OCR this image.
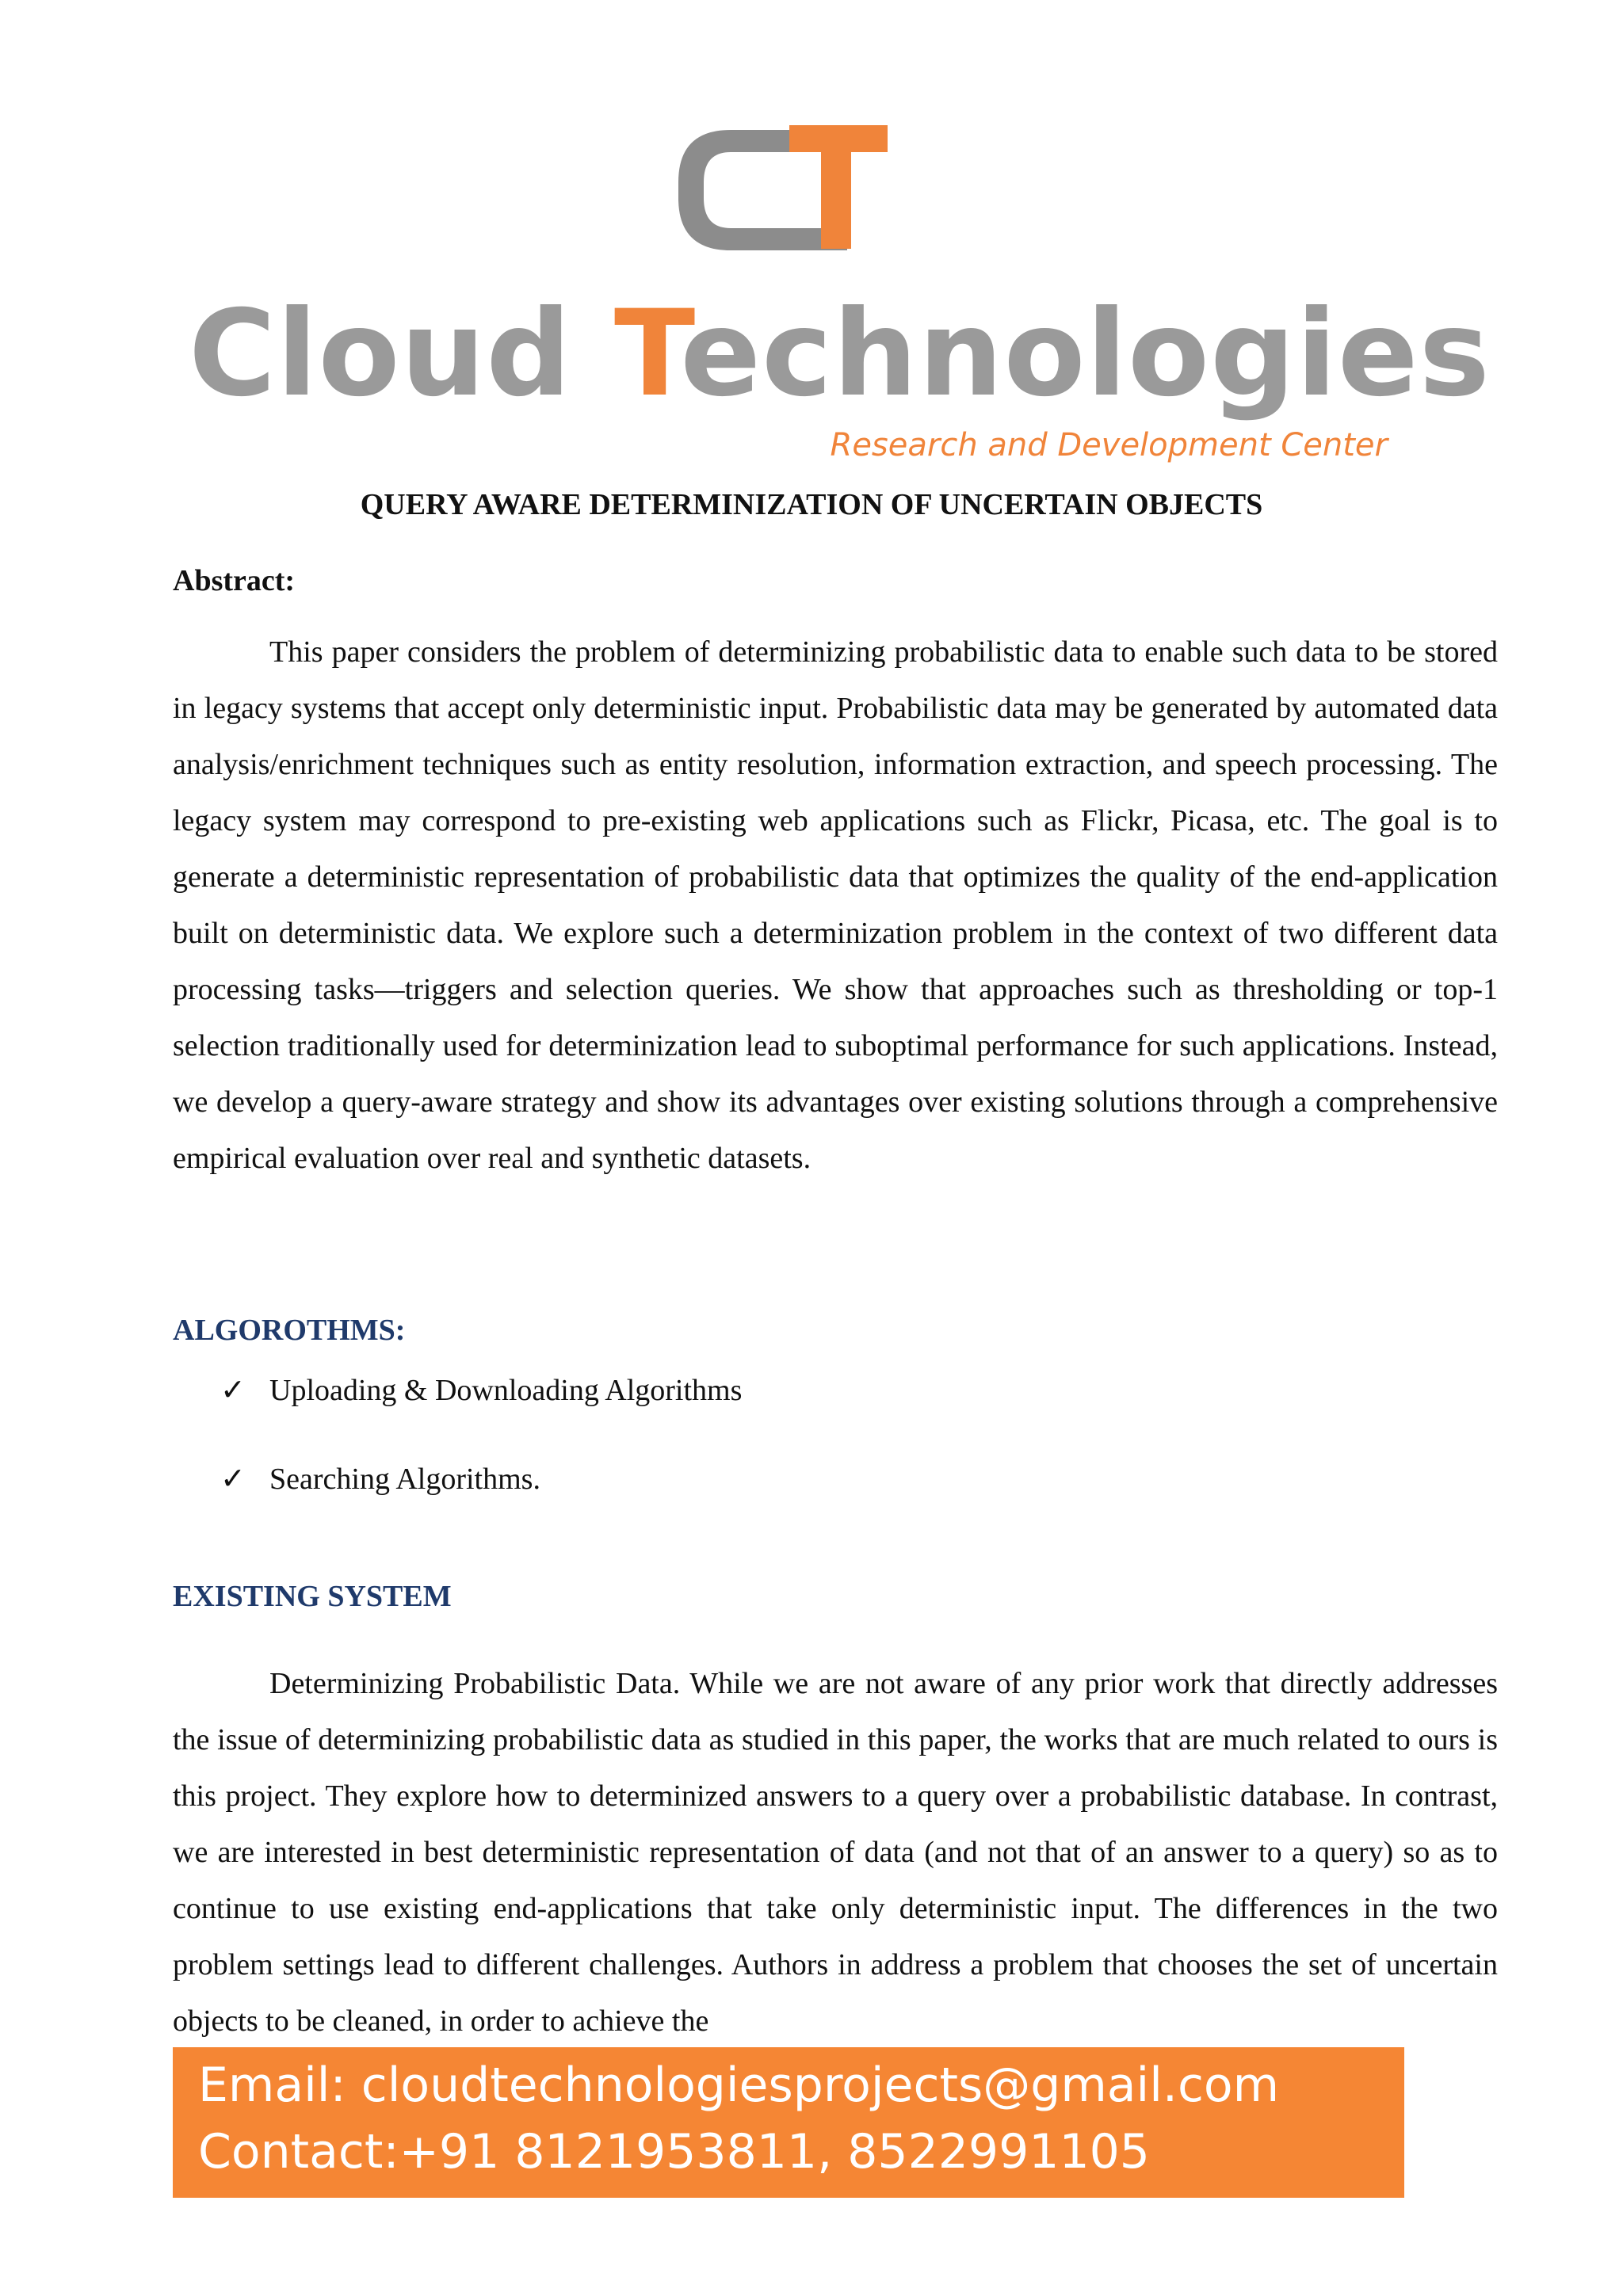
Cloud Technologies
Research and Development Center
QUERY AWARE DETERMINIZATION OF UNCERTAIN OBJECTS
Abstract:

This paper considers the problem of determinizing probabilistic data to enable such data to be stored in legacy systems that accept only deterministic input. Probabilistic data may be generated by automated data analysis/enrichment techniques such as entity resolution, information extraction, and speech processing. The legacy system may correspond to pre-existing web applications such as Flickr, Picasa, etc. The goal is to generate a deterministic representation of probabilistic data that optimizes the quality of the end-application built on deterministic data. We explore such a determinization problem in the context of two different data processing tasks—triggers and selection queries. We show that approaches such as thresholding or top-1 selection traditionally used for determinization lead to suboptimal performance for such applications. Instead, we develop a query-aware strategy and show its advantages over existing solutions through a comprehensive empirical evaluation over real and synthetic datasets.

ALGOROTHMS:
✓ Uploading & Downloading Algorithms
✓ Searching Algorithms.
EXISTING SYSTEM

Determinizing Probabilistic Data. While we are not aware of any prior work that directly addresses the issue of determinizing probabilistic data as studied in this paper, the works that are much related to ours is this project. They explore how to determinized answers to a query over a probabilistic database. In contrast, we are interested in best deterministic representation of data (and not that of an answer to a query) so as to continue to use existing end-applications that take only deterministic input. The differences in the two problem settings lead to different challenges. Authors in address a problem that chooses the set of uncertain objects to be cleaned, in order to achieve the

Email: cloudtechnologiesprojects@gmail.com
Contact:+91 8121953811, 8522991105
